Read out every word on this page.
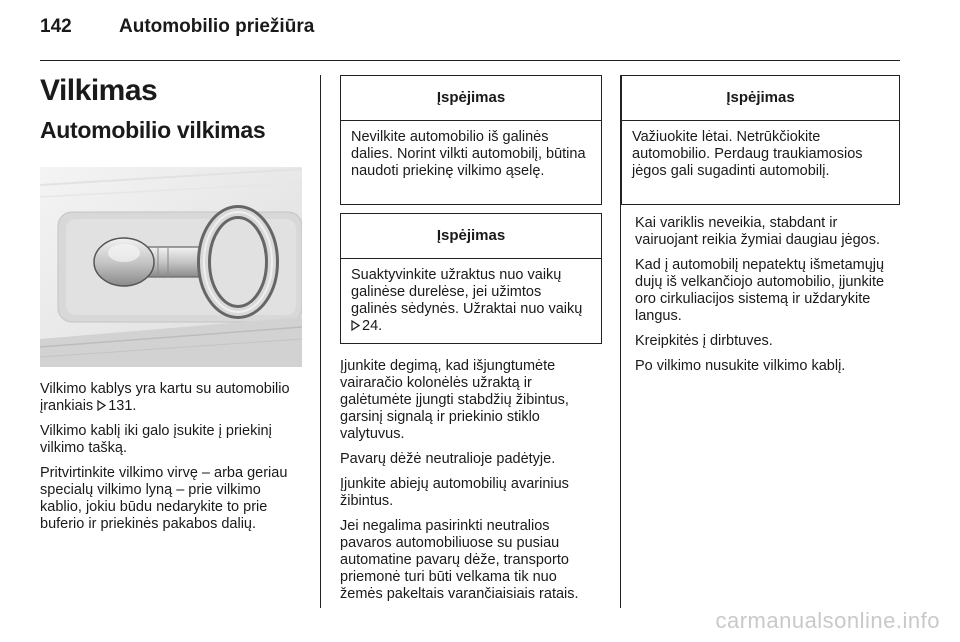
142 Automobilio priežiūra
Vilkimas
Automobilio vilkimas

Vilkimo kablys yra kartu su automobilio įrankiais 131.

Vilkimo kablį iki galo įsukite į priekinį vilkimo tašką.

Pritvirtinkite vilkimo virvę – arba geriau specialų vilkimo lyną – prie vilkimo kablio, jokiu būdu nedarykite to prie buferio ir priekinės pakabos dalių.

Įspėjimas
Nevilkite automobilio iš galinės dalies. Norint vilkti automobilį, būtina naudoti priekinę vilkimo ąselę.
Įspėjimas
Suaktyvinkite užraktus nuo vaikų galinėse durelėse, jei užimtos galinės sėdynės. Užraktai nuo vaikų 24.

Įjunkite degimą, kad išjungtumėte vairaračio kolonėlės užraktą ir galėtumėte įjungti stabdžių žibintus, garsinį signalą ir priekinio stiklo valytuvus.

Pavarų dėžė neutralioje padėtyje.

Įjunkite abiejų automobilių avarinius žibintus.

Jei negalima pasirinkti neutralios pavaros automobiliuose su pusiau automatine pavarų dėže, transporto priemonė turi būti velkama tik nuo žemės pakeltais varančiaisiais ratais.

Įspėjimas
Važiuokite lėtai. Netrūkčiokite automobilio. Perdaug traukiamosios jėgos gali sugadinti automobilį.

Kai variklis neveikia, stabdant ir vairuojant reikia žymiai daugiau jėgos.

Kad į automobilį nepatektų išmetamųjų dujų iš velkančiojo automobilio, įjunkite oro cirkuliacijos sistemą ir uždarykite langus.

Kreipkitės į dirbtuves.

Po vilkimo nusukite vilkimo kablį.

carmanualsonline.info
